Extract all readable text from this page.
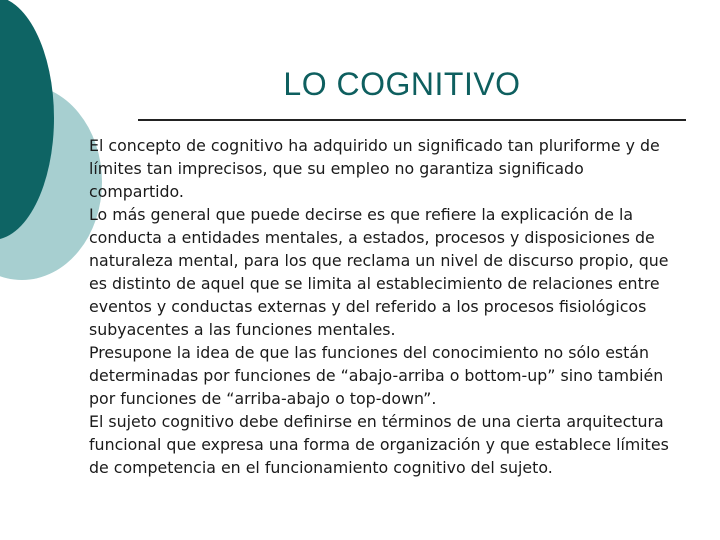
LO COGNITIVO

El concepto de cognitivo ha adquirido un significado tan pluriforme y de límites tan imprecisos, que su empleo no garantiza significado compartido.

Lo más general que puede decirse es que refiere la explicación de la conducta a entidades mentales, a estados, procesos y disposiciones de naturaleza mental, para los que reclama un nivel de discurso propio, que es distinto de aquel que se limita al establecimiento de relaciones entre eventos y conductas externas y del referido a los procesos fisiológicos subyacentes a las funciones mentales.

Presupone la idea de que las funciones del conocimiento no sólo están determinadas por funciones de “abajo-arriba o bottom-up” sino también por funciones de “arriba-abajo o top-down”.

El sujeto cognitivo debe definirse en términos de una cierta arquitectura funcional que expresa una forma de organización y que establece límites de competencia en el funcionamiento cognitivo del sujeto.
